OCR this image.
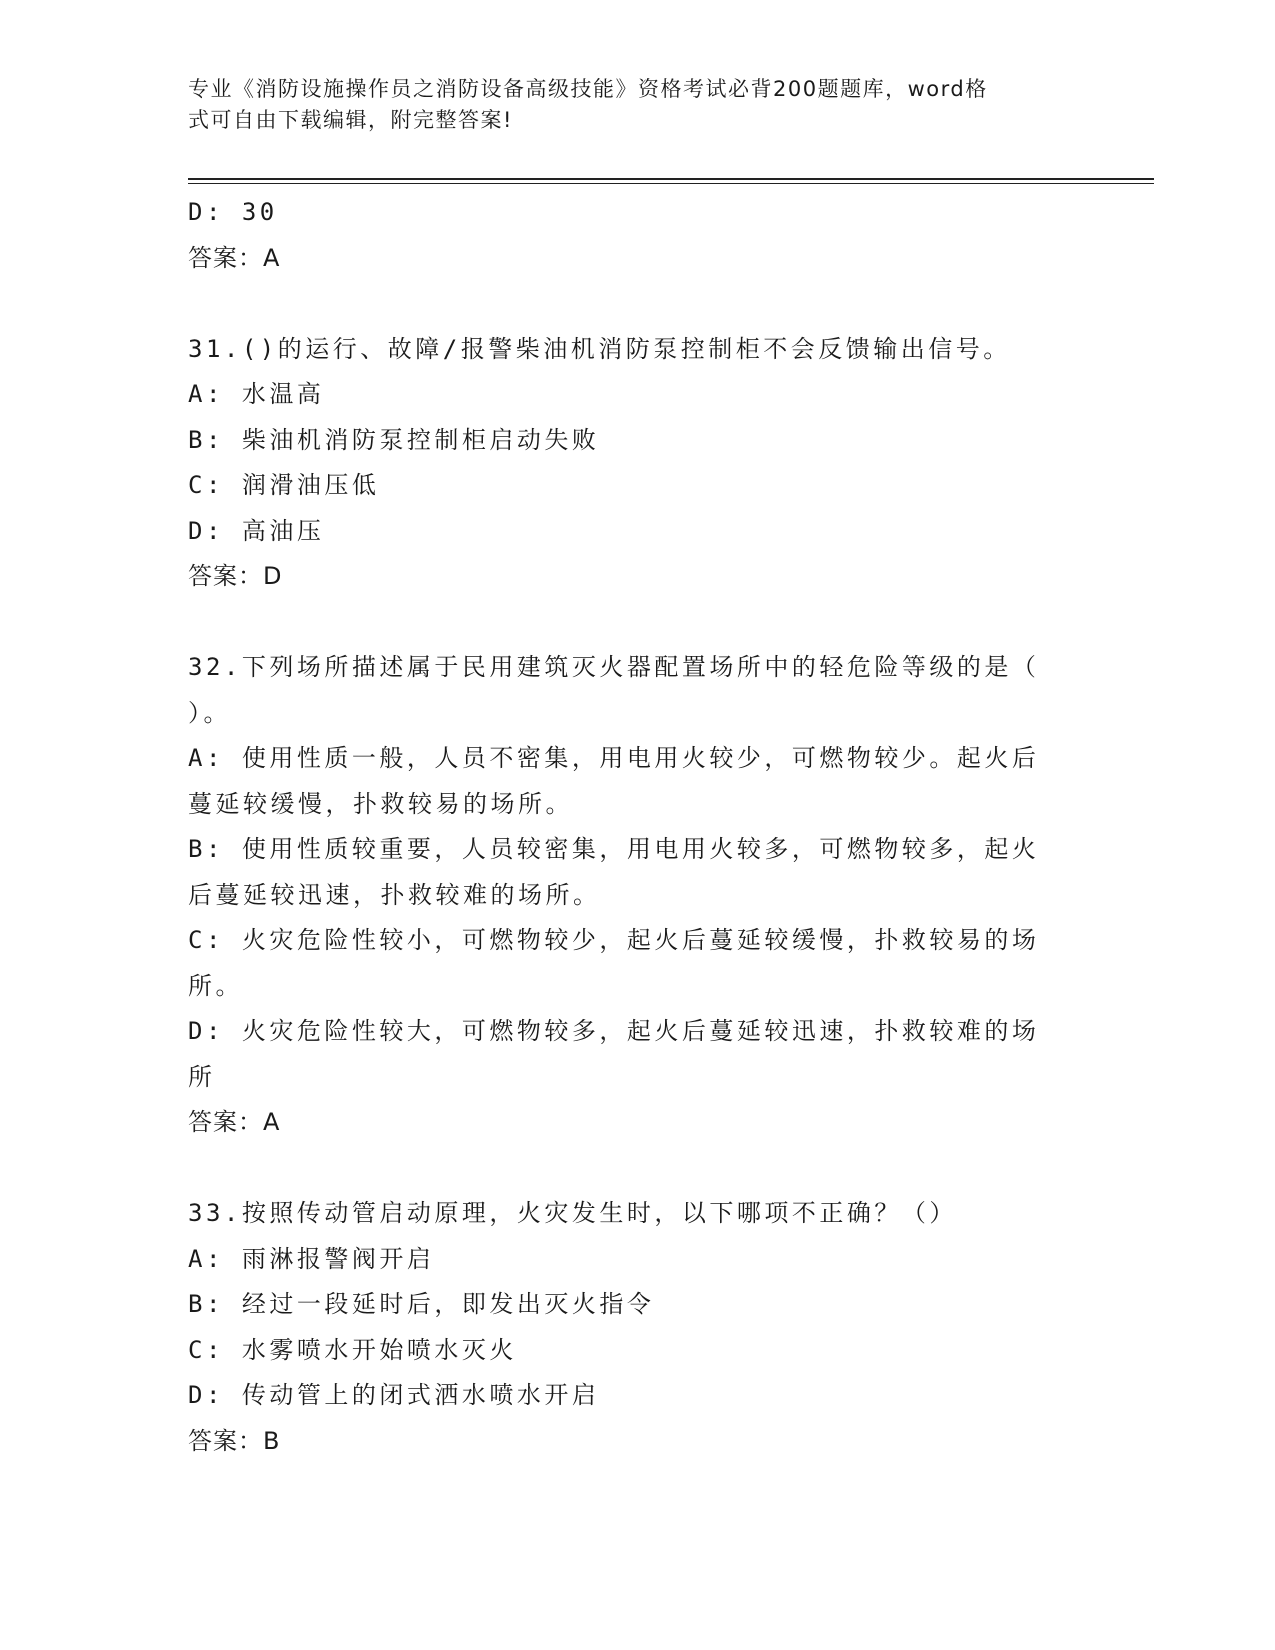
专业《消防设施操作员之消防设备高级技能》资格考试必背200题题库，word格
式可自由下载编辑，附完整答案!
D: 30
答案：A
31.()的运行、故障/报警柴油机消防泵控制柜不会反馈输出信号。
A: 水温高
B: 柴油机消防泵控制柜启动失败
C: 润滑油压低
D: 高油压
答案：D
32.下列场所描述属于民用建筑灭火器配置场所中的轻危险等级的是（
）。
A: 使用性质一般，人员不密集，用电用火较少，可燃物较少。起火后
蔓延较缓慢，扑救较易的场所。
B: 使用性质较重要，人员较密集，用电用火较多，可燃物较多，起火
后蔓延较迅速，扑救较难的场所。
C: 火灾危险性较小，可燃物较少，起火后蔓延较缓慢，扑救较易的场
所。
D: 火灾危险性较大，可燃物较多，起火后蔓延较迅速，扑救较难的场
所
答案：A
33.按照传动管启动原理，火灾发生时，以下哪项不正确？（）
A: 雨淋报警阀开启
B: 经过一段延时后，即发出灭火指令
C: 水雾喷水开始喷水灭火
D: 传动管上的闭式洒水喷水开启
答案：B
